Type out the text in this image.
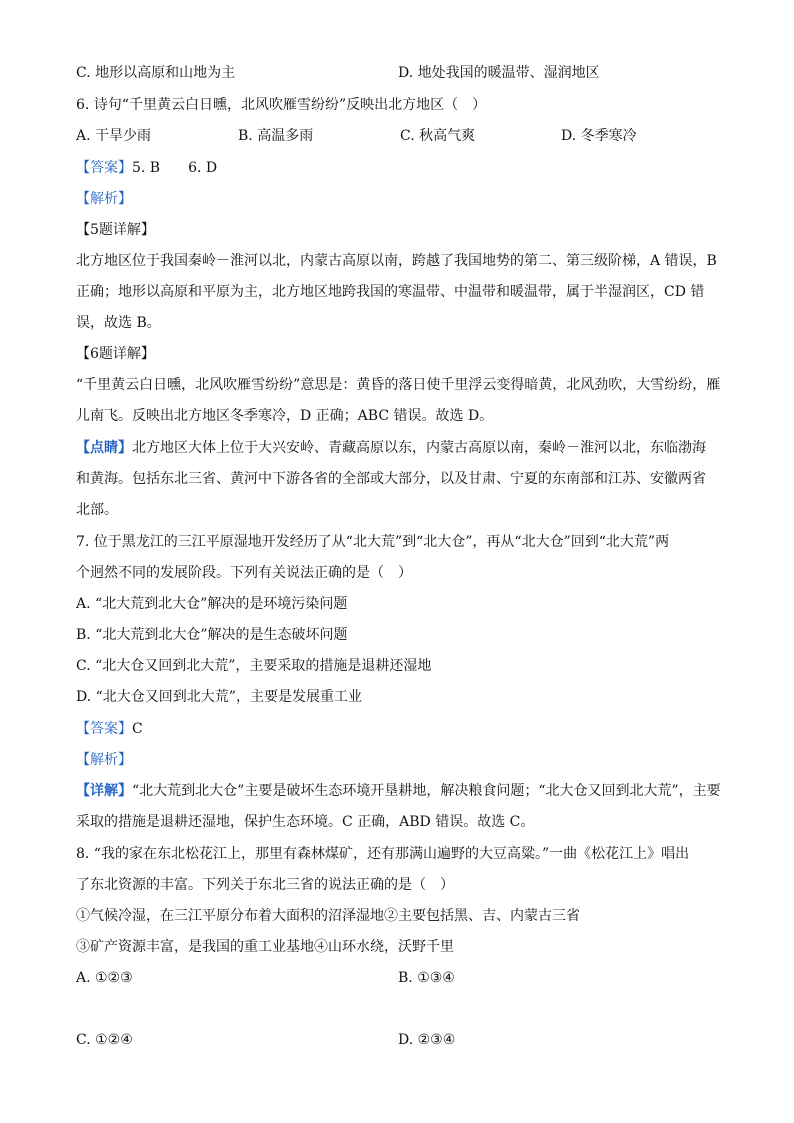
C. 地形以高原和山地为主	D. 地处我国的暖温带、湿润地区
6. 诗句“千里黄云白日曛，北风吹雁雪纷纷”反映出北方地区（　）
A. 干旱少雨	B. 高温多雨	C. 秋高气爽	D. 冬季寒冷
【答案】5. B　　6. D
【解析】
【5题详解】
北方地区位于我国秦岭－淮河以北，内蒙古高原以南，跨越了我国地势的第二、第三级阶梯，A 错误，B
正确；地形以高原和平原为主，北方地区地跨我国的寒温带、中温带和暖温带，属于半湿润区，CD 错
误，故选 B。
【6题详解】
“千里黄云白日曛，北风吹雁雪纷纷”意思是：黄昏的落日使千里浮云变得暗黄，北风劲吹，大雪纷纷，雁
儿南飞。反映出北方地区冬季寒冷，D 正确；ABC 错误。故选 D。
【点睛】北方地区大体上位于大兴安岭、青藏高原以东，内蒙古高原以南，秦岭－淮河以北，东临渤海
和黄海。包括东北三省、黄河中下游各省的全部或大部分，以及甘肃、宁夏的东南部和江苏、安徽两省
北部。
7. 位于黑龙江的三江平原湿地开发经历了从“北大荒”到“北大仓”，再从“北大仓”回到“北大荒”两
个迥然不同的发展阶段。下列有关说法正确的是（　）
A. “北大荒到北大仓”解决的是环境污染问题
B. “北大荒到北大仓”解决的是生态破坏问题
C. “北大仓又回到北大荒”，主要采取的措施是退耕还湿地
D. “北大仓又回到北大荒”，主要是发展重工业
【答案】C
【解析】
【详解】“北大荒到北大仓”主要是破坏生态环境开垦耕地，解决粮食问题；“北大仓又回到北大荒”，主要
采取的措施是退耕还湿地，保护生态环境。C 正确，ABD 错误。故选 C。
8. “我的家在东北松花江上，那里有森林煤矿，还有那满山遍野的大豆高粱。”一曲《松花江上》唱出
了东北资源的丰富。下列关于东北三省的说法正确的是（　）
①气候冷湿，在三江平原分布着大面积的沼泽湿地②主要包括黑、吉、内蒙古三省
③矿产资源丰富，是我国的重工业基地④山环水绕，沃野千里
A. ①②③	B. ①③④
C. ①②④	D. ②③④
